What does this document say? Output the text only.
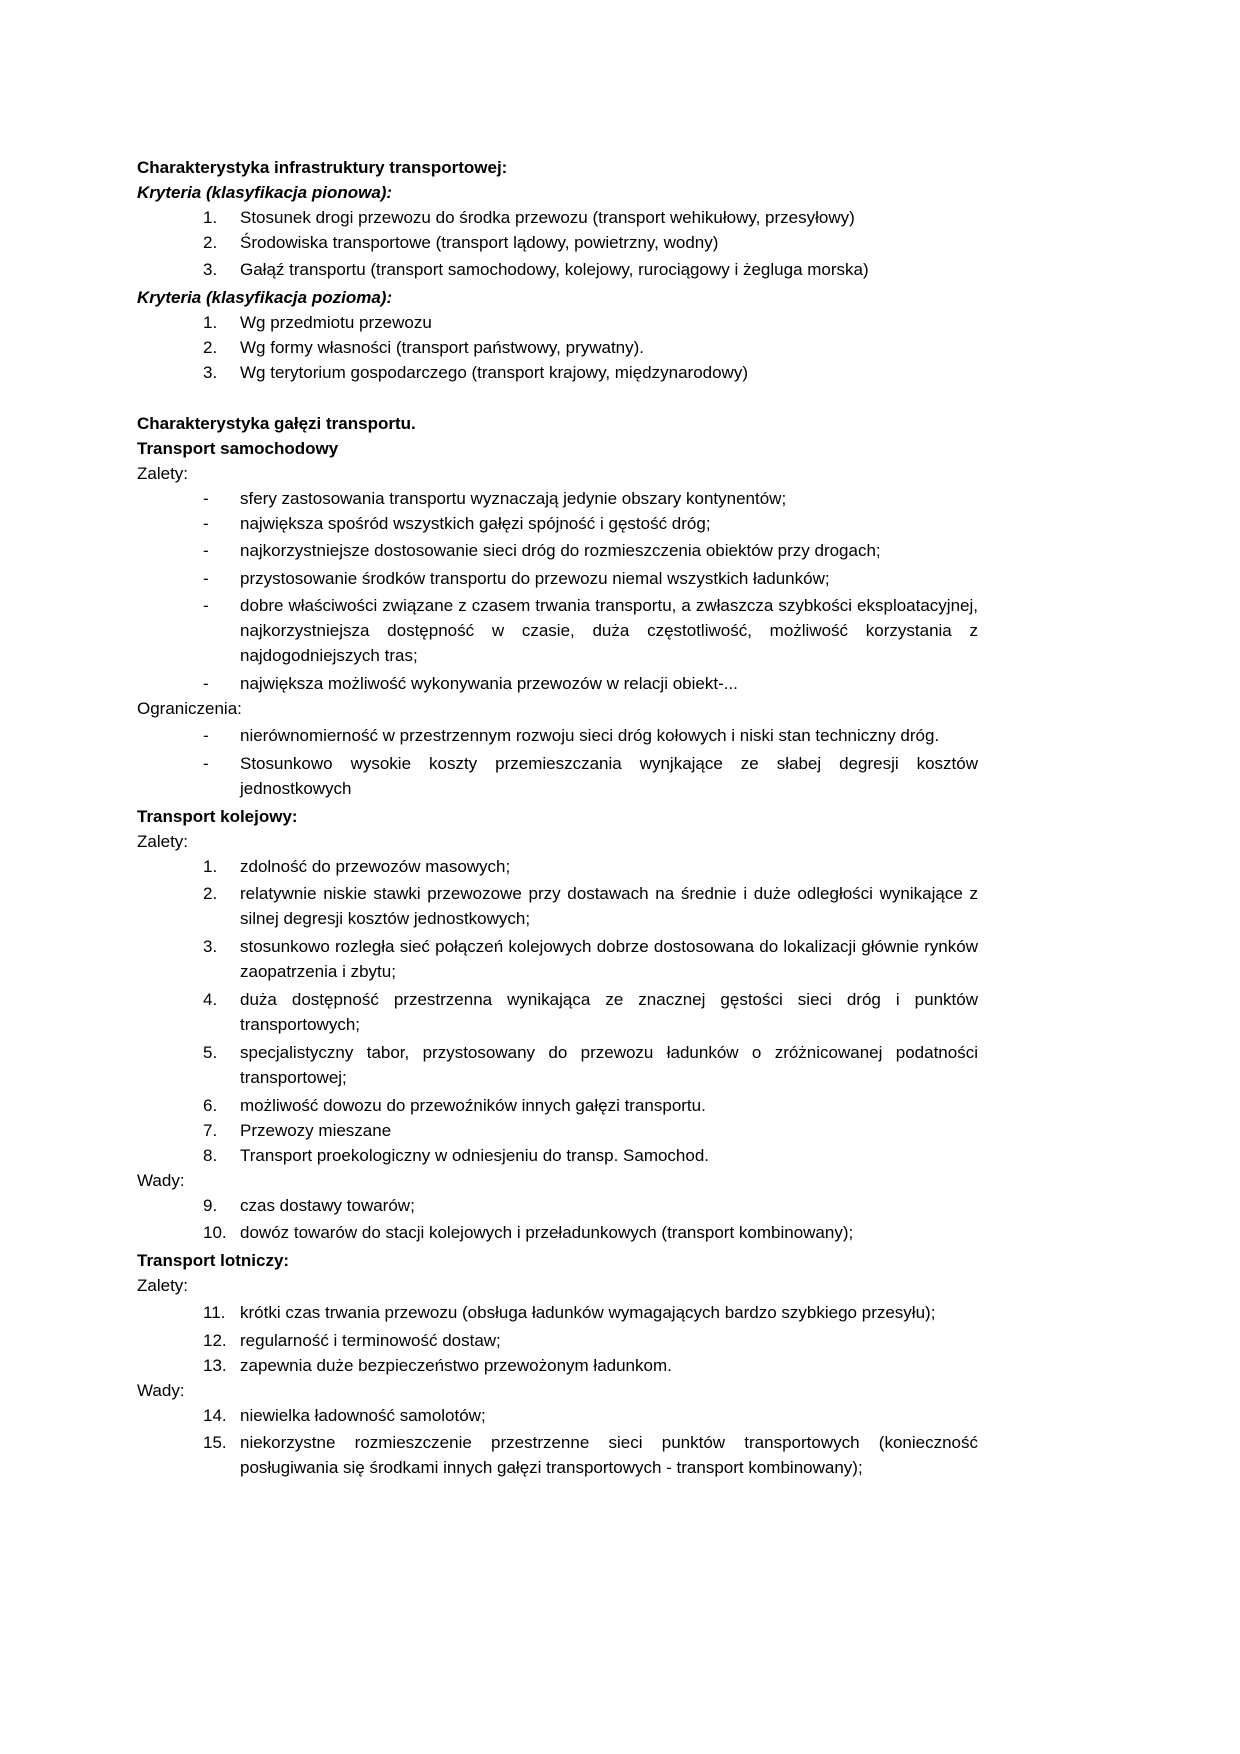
Charakterystyka infrastruktury transportowej:
Kryteria (klasyfikacja pionowa):
1.	Stosunek drogi przewozu do środka przewozu (transport wehikułowy, przesyłowy)
2.	Środowiska transportowe (transport lądowy, powietrzny, wodny)
3.	Gałąź transportu (transport samochodowy, kolejowy, rurociągowy i żegluga morska)
Kryteria (klasyfikacja pozioma):
1.	Wg przedmiotu przewozu
2.	Wg formy własności (transport państwowy, prywatny).
3.	Wg terytorium gospodarczego (transport krajowy, międzynarodowy)
Charakterystyka gałęzi transportu.
Transport samochodowy
Zalety:
-	sfery zastosowania transportu wyznaczają jedynie obszary kontynentów;
-	największa spośród wszystkich gałęzi spójność i gęstość dróg;
-	najkorzystniejsze dostosowanie sieci dróg do rozmieszczenia obiektów przy drogach;
-	przystosowanie środków transportu do przewozu niemal wszystkich ładunków;
-	dobre właściwości związane z czasem trwania transportu, a zwłaszcza szybkości eksploatacyjnej, najkorzystniejsza dostępność w czasie, duża częstotliwość, możliwość korzystania z najdogodniejszych tras;
-	największa możliwość wykonywania przewozów w relacji obiekt-...
Ograniczenia:
-	nierównomierność w przestrzennym rozwoju sieci dróg kołowych i niski stan techniczny dróg.
-	Stosunkowo wysokie koszty przemieszczania wynjkające ze słabej degresji kosztów jednostkowych
Transport kolejowy:
Zalety:
1.	zdolność do przewozów masowych;
2.	relatywnie niskie stawki przewozowe przy dostawach na średnie i duże odległości wynikające z silnej degresji kosztów jednostkowych;
3.	stosunkowo rozległa sieć połączeń kolejowych dobrze dostosowana do lokalizacji głównie rynków zaopatrzenia i zbytu;
4.	duża dostępność przestrzenna wynikająca ze znacznej gęstości sieci dróg i punktów transportowych;
5.	specjalistyczny tabor, przystosowany do przewozu ładunków o zróżnicowanej podatności transportowej;
6.	możliwość dowozu do przewoźników innych gałęzi transportu.
7.	Przewozy mieszane
8.	Transport proekologiczny w odniesjeniu do transp. Samochod.
Wady:
9.	czas dostawy towarów;
10. dowóz towarów do stacji kolejowych i przeładunkowych (transport kombinowany);
Transport lotniczy:
Zalety:
11. krótki czas trwania przewozu (obsługa ładunków wymagających bardzo szybkiego przesyłu);
12. regularność i terminowość dostaw;
13. zapewnia duże bezpieczeństwo przewożonym ładunkom.
Wady:
14. niewielka ładowność samolotów;
15. niekorzystne rozmieszczenie przestrzenne sieci punktów transportowych (konieczność posługiwania się środkami innych gałęzi transportowych - transport kombinowany);
